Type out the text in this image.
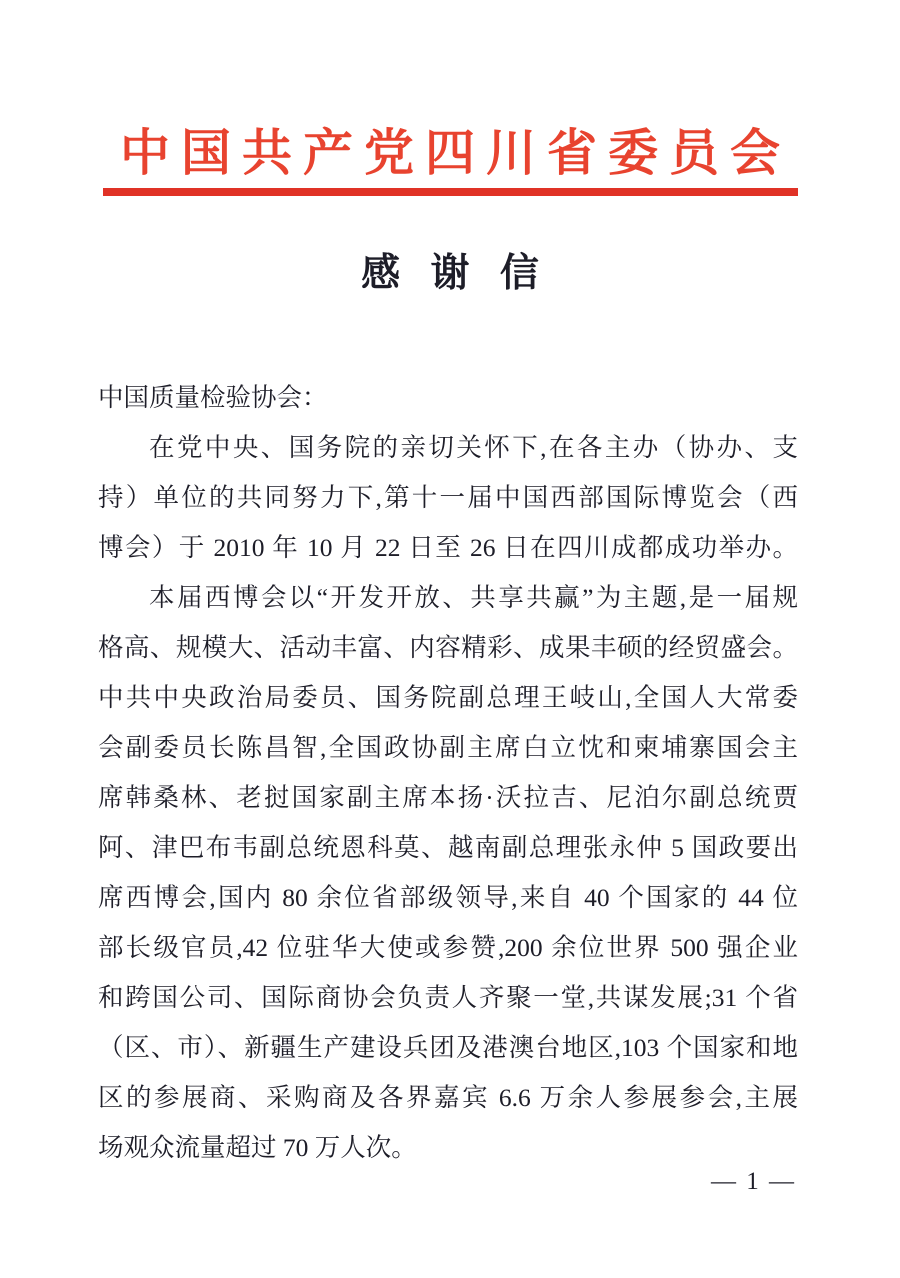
中国共产党四川省委员会
感谢信
中国质量检验协会：
在党中央、国务院的亲切关怀下,在各主办（协办、支
持）单位的共同努力下,第十一届中国西部国际博览会（西
博会）于 2010 年 10 月 22 日至 26 日在四川成都成功举办。
本届西博会以“开发开放、共享共赢”为主题,是一届规
格高、规模大、活动丰富、内容精彩、成果丰硕的经贸盛会。
中共中央政治局委员、国务院副总理王岐山,全国人大常委
会副委员长陈昌智,全国政协副主席白立忱和柬埔寨国会主
席韩桑林、老挝国家副主席本扬·沃拉吉、尼泊尔副总统贾
阿、津巴布韦副总统恩科莫、越南副总理张永仲 5 国政要出
席西博会,国内 80 余位省部级领导,来自 40 个国家的 44 位
部长级官员,42 位驻华大使或参赞,200 余位世界 500 强企业
和跨国公司、国际商协会负责人齐聚一堂,共谋发展;31 个省
（区、市）、新疆生产建设兵团及港澳台地区,103 个国家和地
区的参展商、采购商及各界嘉宾 6.6 万余人参展参会,主展
场观众流量超过 70 万人次。
— 1 —
